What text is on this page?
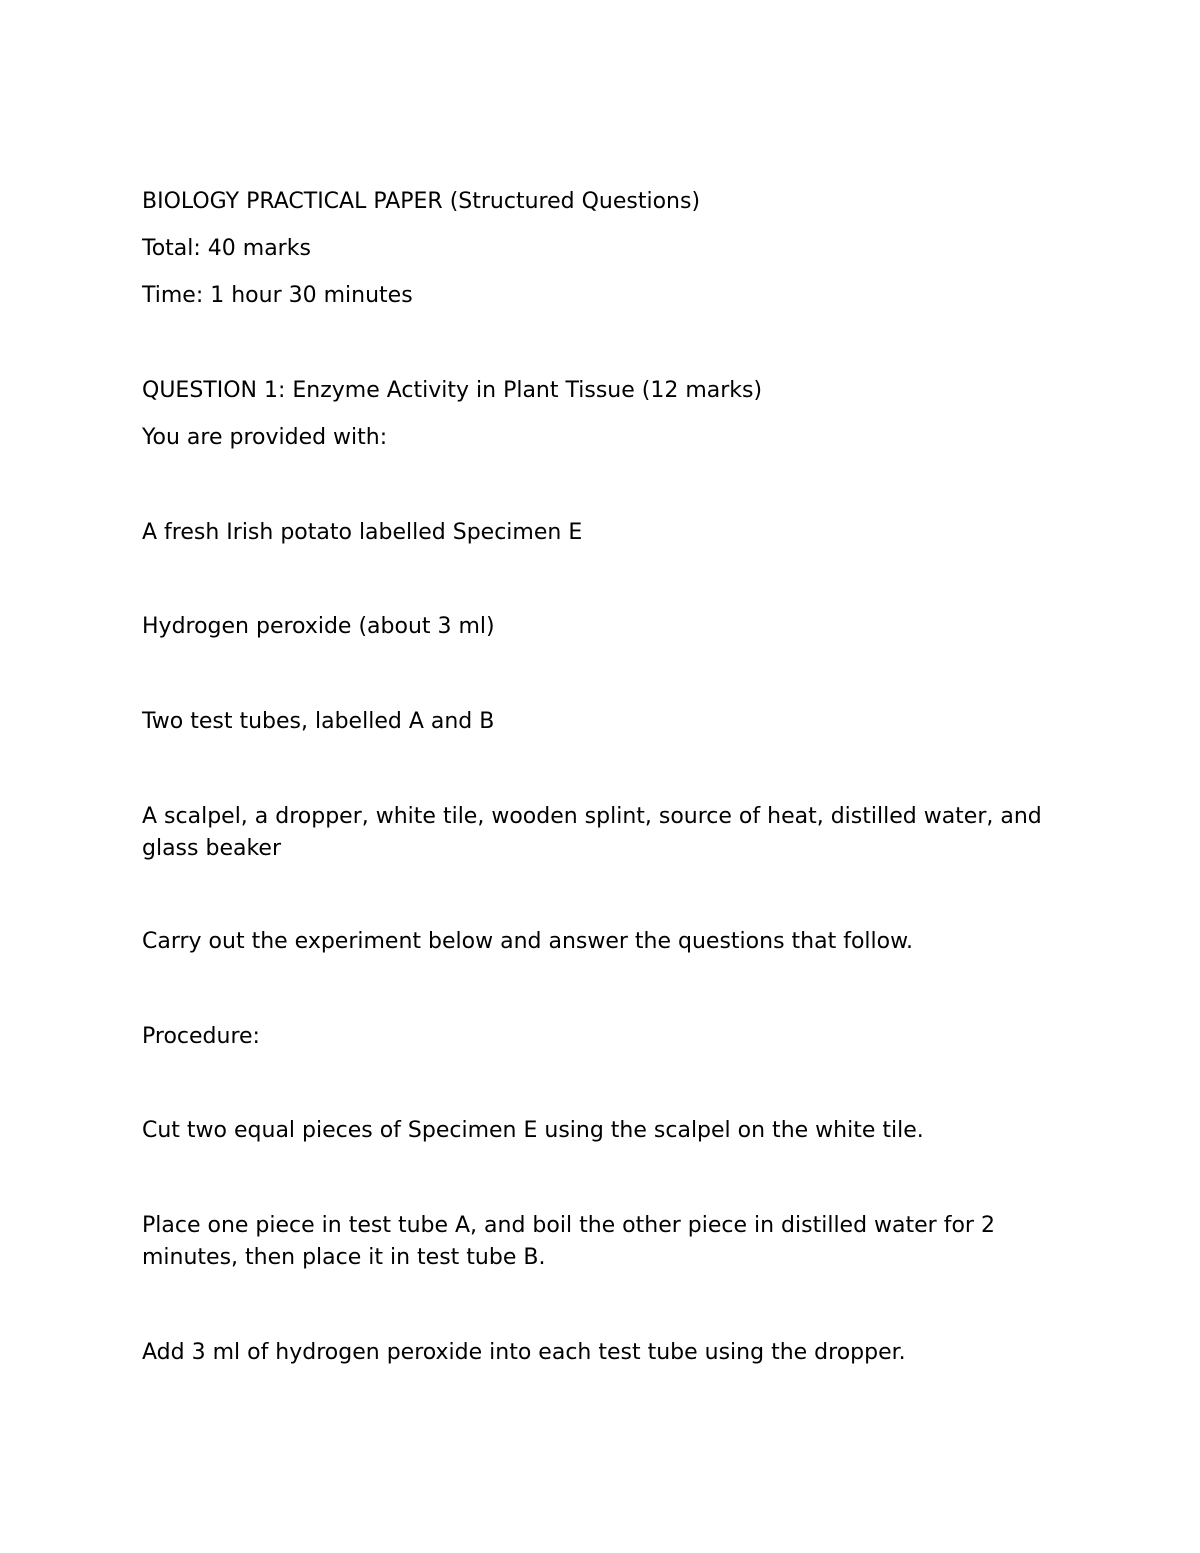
BIOLOGY PRACTICAL PAPER (Structured Questions)
Total: 40 marks
Time: 1 hour 30 minutes
QUESTION 1: Enzyme Activity in Plant Tissue (12 marks)
You are provided with:
A fresh Irish potato labelled Specimen E
Hydrogen peroxide (about 3 ml)
Two test tubes, labelled A and B
A scalpel, a dropper, white tile, wooden splint, source of heat, distilled water, and glass beaker
Carry out the experiment below and answer the questions that follow.
Procedure:
Cut two equal pieces of Specimen E using the scalpel on the white tile.
Place one piece in test tube A, and boil the other piece in distilled water for 2 minutes, then place it in test tube B.
Add 3 ml of hydrogen peroxide into each test tube using the dropper.
